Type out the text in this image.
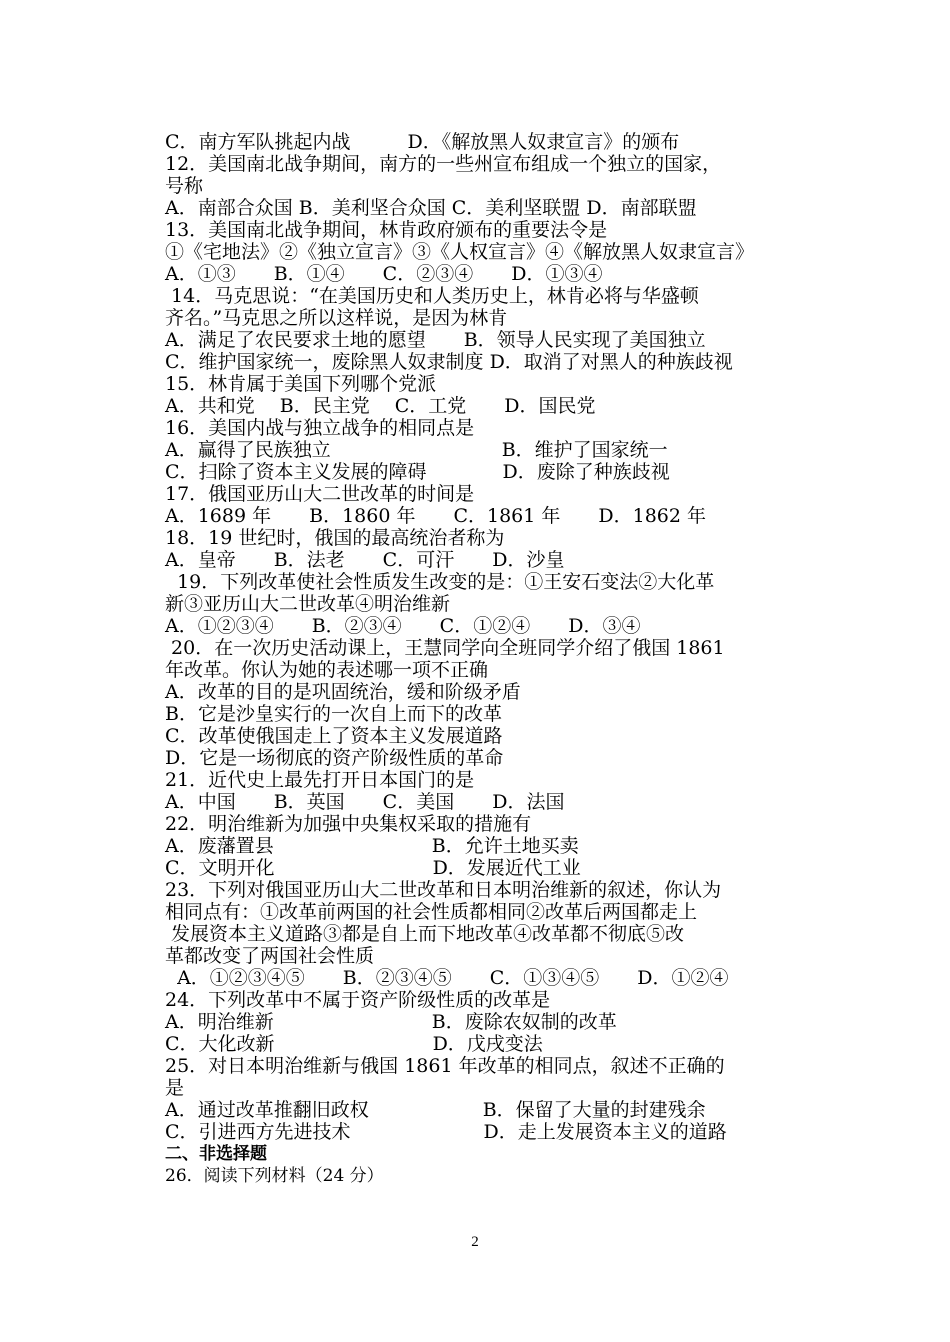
C．南方军队挑起内战　　　D．《解放黑人奴隶宣言》的颁布
12．美国南北战争期间，南方的一些州宣布组成一个独立的国家，
号称
A．南部合众国 B．美利坚合众国 C．美利坚联盟 D．南部联盟
13．美国南北战争期间，林肯政府颁布的重要法令是
①《宅地法》②《独立宣言》③《人权宣言》④《解放黑人奴隶宣言》
A．①③　　B．①④　　C．②③④　　D．①③④
14．马克思说：“在美国历史和人类历史上，林肯必将与华盛顿
齐名。”马克思之所以这样说，是因为林肯
A．满足了农民要求土地的愿望　　B．领导人民实现了美国独立
C．维护国家统一，废除黑人奴隶制度 D．取消了对黑人的种族歧视
15．林肯属于美国下列哪个党派
A．共和党　 B．民主党　 C．工党　　D．国民党
16．美国内战与独立战争的相同点是
A．赢得了民族独立　　　　　　　　　B．维护了国家统一
C．扫除了资本主义发展的障碍　　　　D．废除了种族歧视
17．俄国亚历山大二世改革的时间是
A．1689 年　　B．1860 年　　C．1861 年　　D．1862 年
18．19 世纪时，俄国的最高统治者称为
A．皇帝　　B．法老　　C．可汗　　D．沙皇
19．下列改革使社会性质发生改变的是：①王安石变法②大化革
新③亚历山大二世改革④明治维新
A．①②③④　　B．②③④　　C．①②④　　D．③④
20．在一次历史活动课上，王慧同学向全班同学介绍了俄国 1861
年改革。你认为她的表述哪一项不正确
A．改革的目的是巩固统治，缓和阶级矛盾
B．它是沙皇实行的一次自上而下的改革
C．改革使俄国走上了资本主义发展道路
D．它是一场彻底的资产阶级性质的革命
21．近代史上最先打开日本国门的是
A．中国　　B．英国　　C．美国　　D．法国
22．明治维新为加强中央集权采取的措施有
A．废藩置县　　　　　　　　 B．允许土地买卖
C．文明开化　　　　　　　　 D．发展近代工业
23．下列对俄国亚历山大二世改革和日本明治维新的叙述，你认为
相同点有：①改革前两国的社会性质都相同②改革后两国都走上
发展资本主义道路③都是自上而下地改革④改革都不彻底⑤改
革都改变了两国社会性质
A．①②③④⑤　　B．②③④⑤　　C．①③④⑤　　D．①②④
24．下列改革中不属于资产阶级性质的改革是
A．明治维新　　　　　　　　 B．废除农奴制的改革
C．大化改新　　　　　　　　 D．戊戌变法
25．对日本明治维新与俄国 1861 年改革的相同点，叙述不正确的
是
A．通过改革推翻旧政权　　　　　　B．保留了大量的封建残余
C．引进西方先进技术　　　　　　　D．走上发展资本主义的道路
二、非选择题
26．阅读下列材料（24 分）
2
